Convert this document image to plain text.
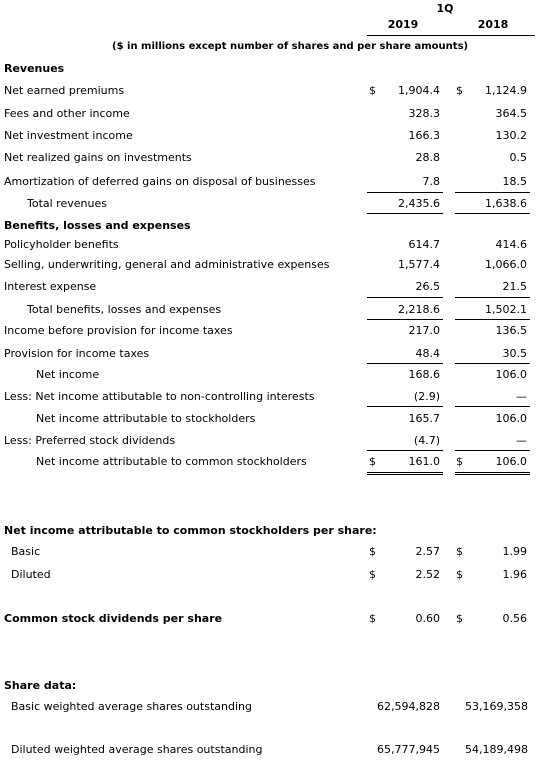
1Q
2019	2018
($ in millions except number of shares and per share amounts)
Revenues
Net earned premiums	$	1,904.4 $	1,124.9
Fees and other income	328.3	364.5
Net investment income	166.3	130.2
Net realized gains on investments	28.8	0.5
Amortization of deferred gains on disposal of businesses	7.8	18.5
Total revenues	2,435.6	1,638.6
Benefits, losses and expenses
Policyholder benefits	614.7	414.6
Selling, underwriting, general and administrative expenses	1,577.4	1,066.0
Interest expense	26.5	21.5
Total benefits, losses and expenses	2,218.6	1,502.1
Income before provision for income taxes	217.0	136.5
Provision for income taxes	48.4	30.5
Net income	168.6	106.0
Less: Net income attibutable to non-controlling interests	(2.9)	—
Net income attributable to stockholders	165.7	106.0
Less: Preferred stock dividends	(4.7)	—
Net income attributable to common stockholders	$	161.0 $	106.0
Net income attributable to common stockholders per share:
Basic	$	2.57 $	1.99
Diluted	$	2.52 $	1.96
Common stock dividends per share	$	0.60 $	0.56
Share data:
Basic weighted average shares outstanding	62,594,828	53,169,358
Diluted weighted average shares outstanding	65,777,945	54,189,498
